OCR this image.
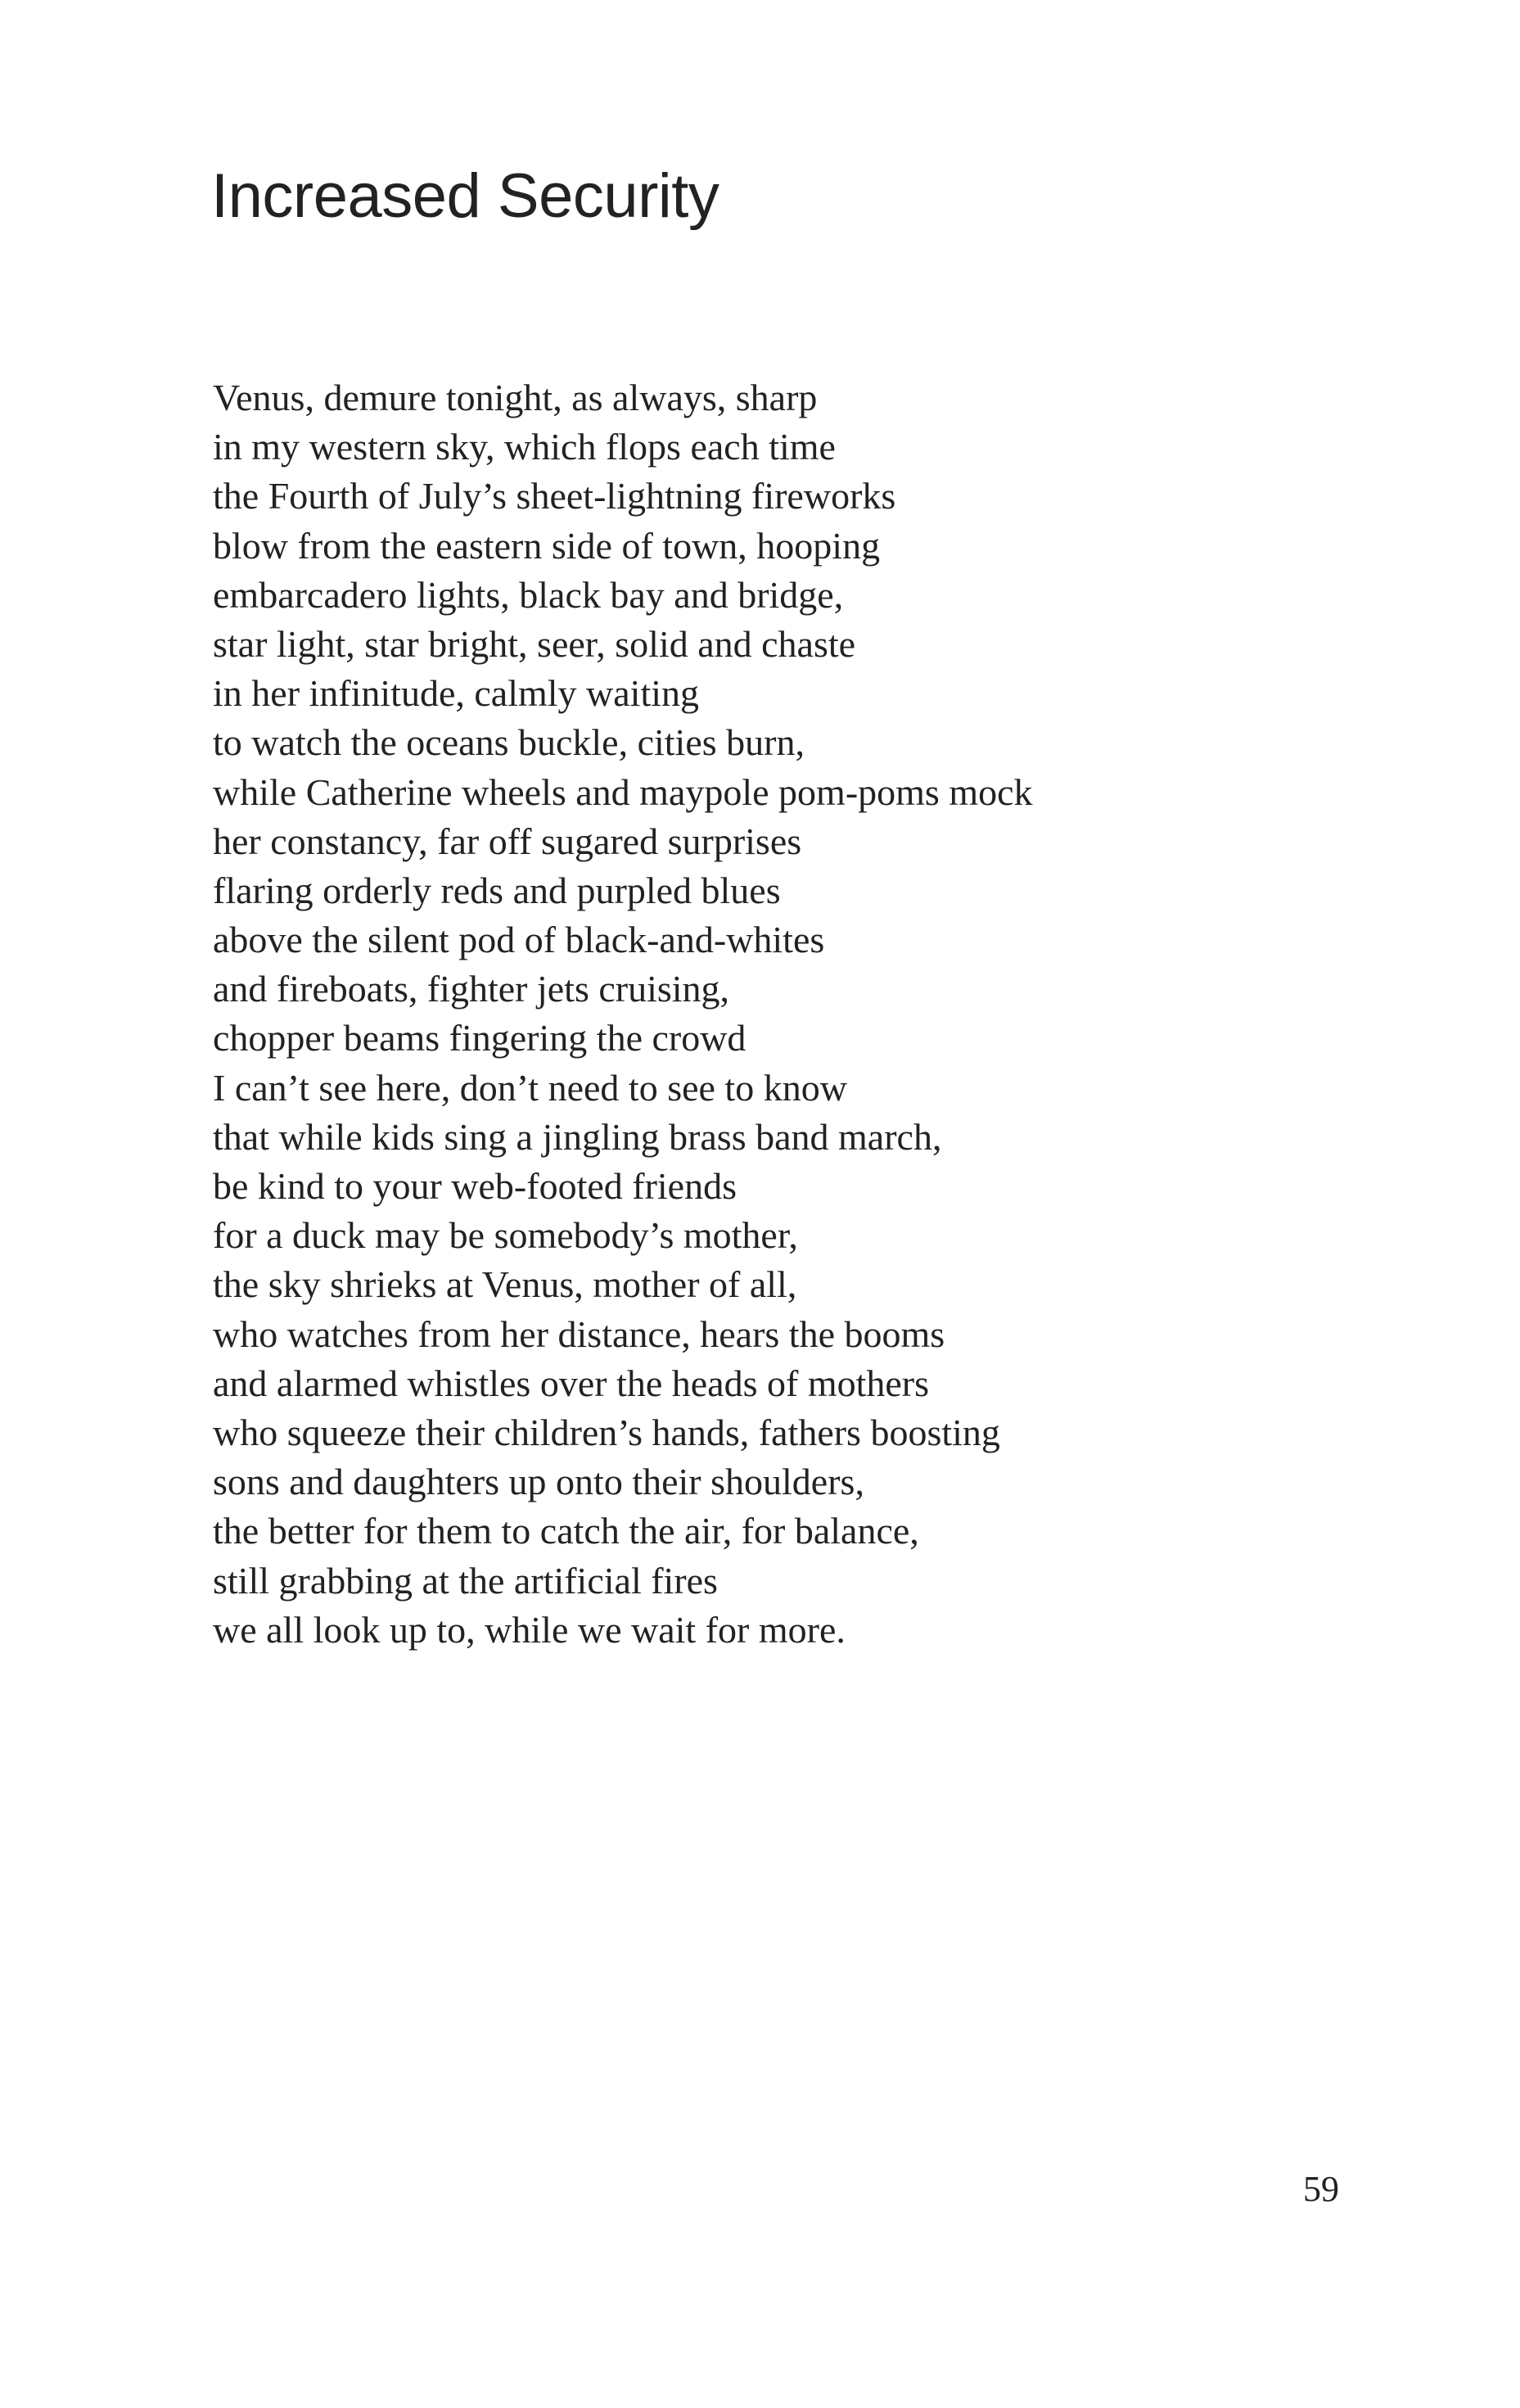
Increased Security
Venus, demure tonight, as always, sharp
in my western sky, which flops each time
the Fourth of July’s sheet-lightning fireworks
blow from the eastern side of town, hooping
embarcadero lights, black bay and bridge,
star light, star bright, seer, solid and chaste
in her infinitude, calmly waiting
to watch the oceans buckle, cities burn,
while Catherine wheels and maypole pom-poms mock
her constancy, far off sugared surprises
flaring orderly reds and purpled blues
above the silent pod of black-and-whites
and fireboats, fighter jets cruising,
chopper beams fingering the crowd
I can’t see here, don’t need to see to know
that while kids sing a jingling brass band march,
be kind to your web-footed friends
for a duck may be somebody’s mother,
the sky shrieks at Venus, mother of all,
who watches from her distance, hears the booms
and alarmed whistles over the heads of mothers
who squeeze their children’s hands, fathers boosting
sons and daughters up onto their shoulders,
the better for them to catch the air, for balance,
still grabbing at the artificial fires
we all look up to, while we wait for more.

59
